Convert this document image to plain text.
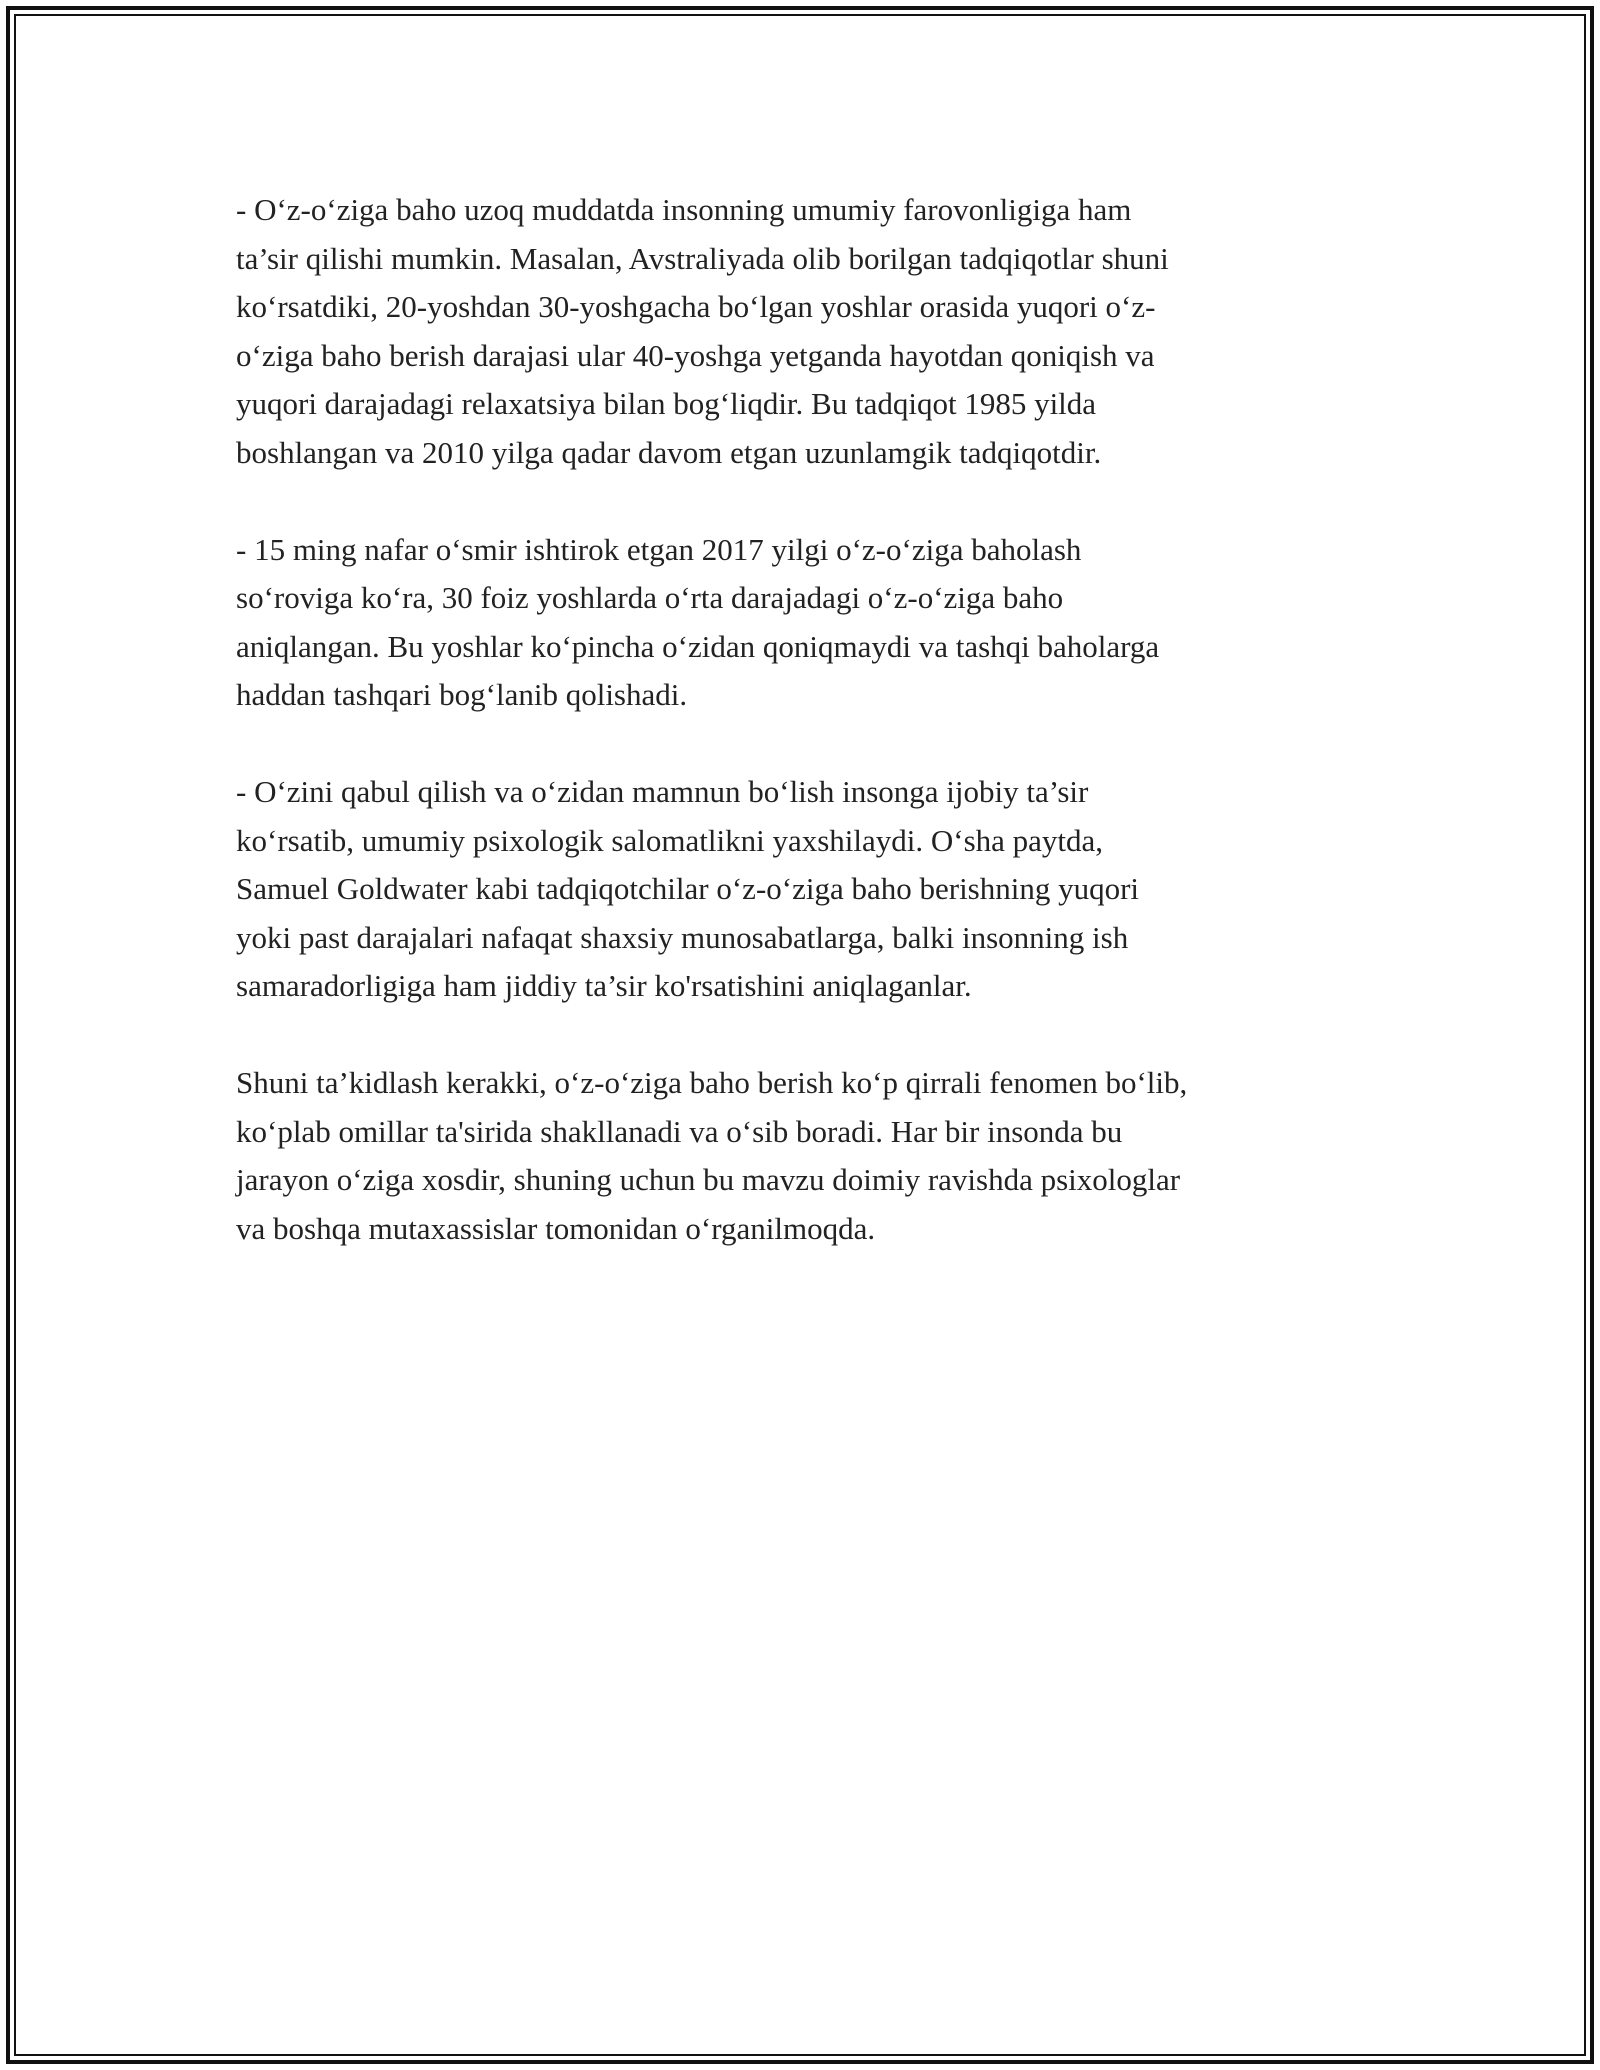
- O‘z-o‘ziga baho uzoq muddatda insonning umumiy farovonligiga ham
ta’sir qilishi mumkin. Masalan, Avstraliyada olib borilgan tadqiqotlar shuni
ko‘rsatdiki, 20-yoshdan 30-yoshgacha bo‘lgan yoshlar orasida yuqori o‘z-
o‘ziga baho berish darajasi ular 40-yoshga yetganda hayotdan qoniqish va
yuqori darajadagi relaxatsiya bilan bog‘liqdir. Bu tadqiqot 1985 yilda
boshlangan va 2010 yilga qadar davom etgan uzunlamgik tadqiqotdir.

- 15 ming nafar o‘smir ishtirok etgan 2017 yilgi o‘z-o‘ziga baholash
so‘roviga ko‘ra, 30 foiz yoshlarda o‘rta darajadagi o‘z-o‘ziga baho
aniqlangan. Bu yoshlar ko‘pincha o‘zidan qoniqmaydi va tashqi baholarga
haddan tashqari bog‘lanib qolishadi.

- O‘zini qabul qilish va o‘zidan mamnun bo‘lish insonga ijobiy ta’sir
ko‘rsatib, umumiy psixologik salomatlikni yaxshilaydi. O‘sha paytda,
Samuel Goldwater kabi tadqiqotchilar o‘z-o‘ziga baho berishning yuqori
yoki past darajalari nafaqat shaxsiy munosabatlarga, balki insonning ish
samaradorligiga ham jiddiy ta’sir ko'rsatishini aniqlaganlar.

Shuni ta’kidlash kerakki, o‘z-o‘ziga baho berish ko‘p qirrali fenomen bo‘lib,
ko‘plab omillar ta'sirida shakllanadi va o‘sib boradi. Har bir insonda bu
jarayon o‘ziga xosdir, shuning uchun bu mavzu doimiy ravishda psixologlar
va boshqa mutaxassislar tomonidan o‘rganilmoqda.
